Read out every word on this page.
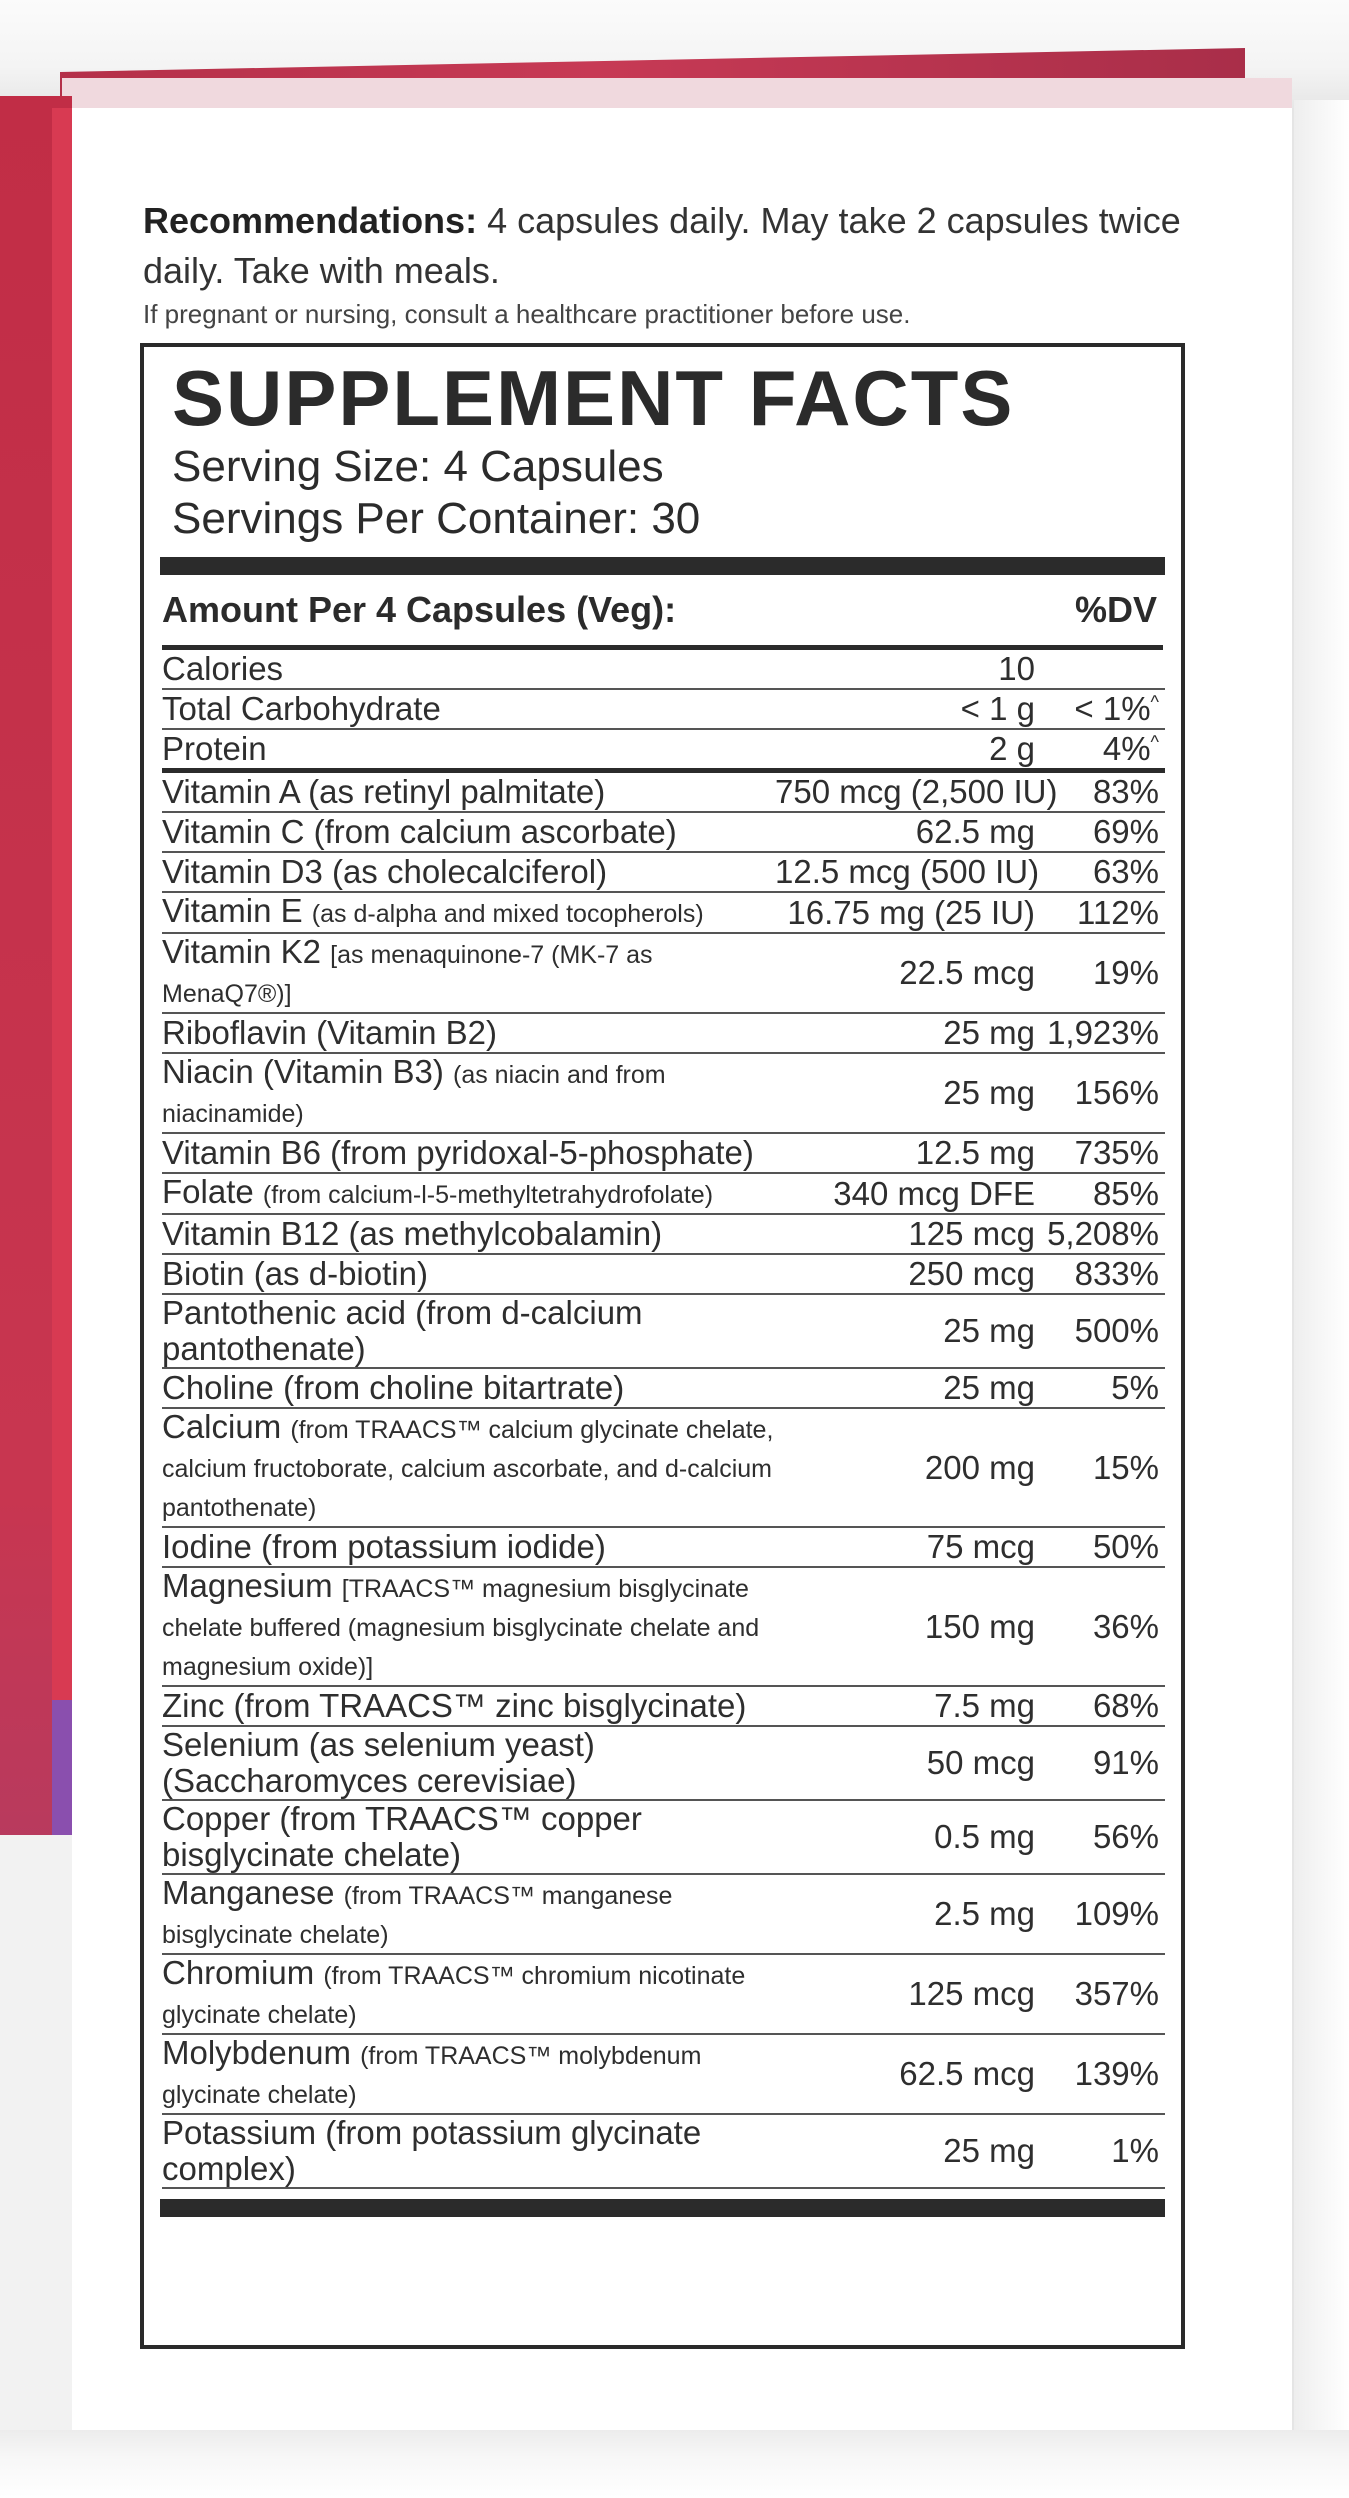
Recommendations: 4 capsules daily. May take 2 capsules twice daily. Take with meals.
If pregnant or nursing, consult a healthcare practitioner before use.
SUPPLEMENT FACTS
Serving Size: 4 Capsules
Servings Per Container: 30
Amount Per 4 Capsules (Veg):	%DV
Calories	10
Total Carbohydrate	< 1 g	< 1%^
Protein	2 g	4%^
Vitamin A (as retinyl palmitate)	750 mcg (2,500 IU)	83%
Vitamin C (from calcium ascorbate)	62.5 mg	69%
Vitamin D3 (as cholecalciferol)	12.5 mcg (500 IU)	63%
Vitamin E (as d-alpha and mixed tocopherols)	16.75 mg (25 IU)	112%
Vitamin K2 [as menaquinone-7 (MK-7 as MenaQ7®)]
22.5 mcg	19%
Riboflavin (Vitamin B2)	25 mg 1,923%
Niacin (Vitamin B3) (as niacin and from niacinamide)
25 mg	156%
Vitamin B6 (from pyridoxal-5-phosphate)	12.5 mg	735%
Folate (from calcium-l-5-methyltetrahydrofolate)	340 mcg DFE	85%
Vitamin B12 (as methylcobalamin)	125 mcg 5,208%
Biotin (as d-biotin)	250 mcg	833%
Pantothenic acid (from d-calcium pantothenate)	25 mg	500%
Choline (from choline bitartrate)	25 mg	5%
Calcium (from TRAACS™ calcium glycinate chelate, calcium fructoborate, calcium ascorbate, and d-calcium pantothenate)
200 mg	15%
Iodine (from potassium iodide)	75 mcg	50%
Magnesium [TRAACS™ magnesium bisglycinate chelate buffered (magnesium bisglycinate chelate and magnesium oxide)]
150 mg	36%
Zinc (from TRAACS™ zinc bisglycinate)	7.5 mg	68%
Selenium (as selenium yeast)(Saccharomyces cerevisiae)	50 mcg	91%
Copper (from TRAACS™ copper bisglycinate chelate)	0.5 mg	56%
Manganese (from TRAACS™ manganese bisglycinate chelate)
2.5 mg	109%
Chromium (from TRAACS™ chromium nicotinate glycinate chelate)
125 mcg	357%
Molybdenum (from TRAACS™ molybdenum glycinate chelate)
62.5 mcg	139%
Potassium (from potassium glycinate complex)	25 mg	1%
